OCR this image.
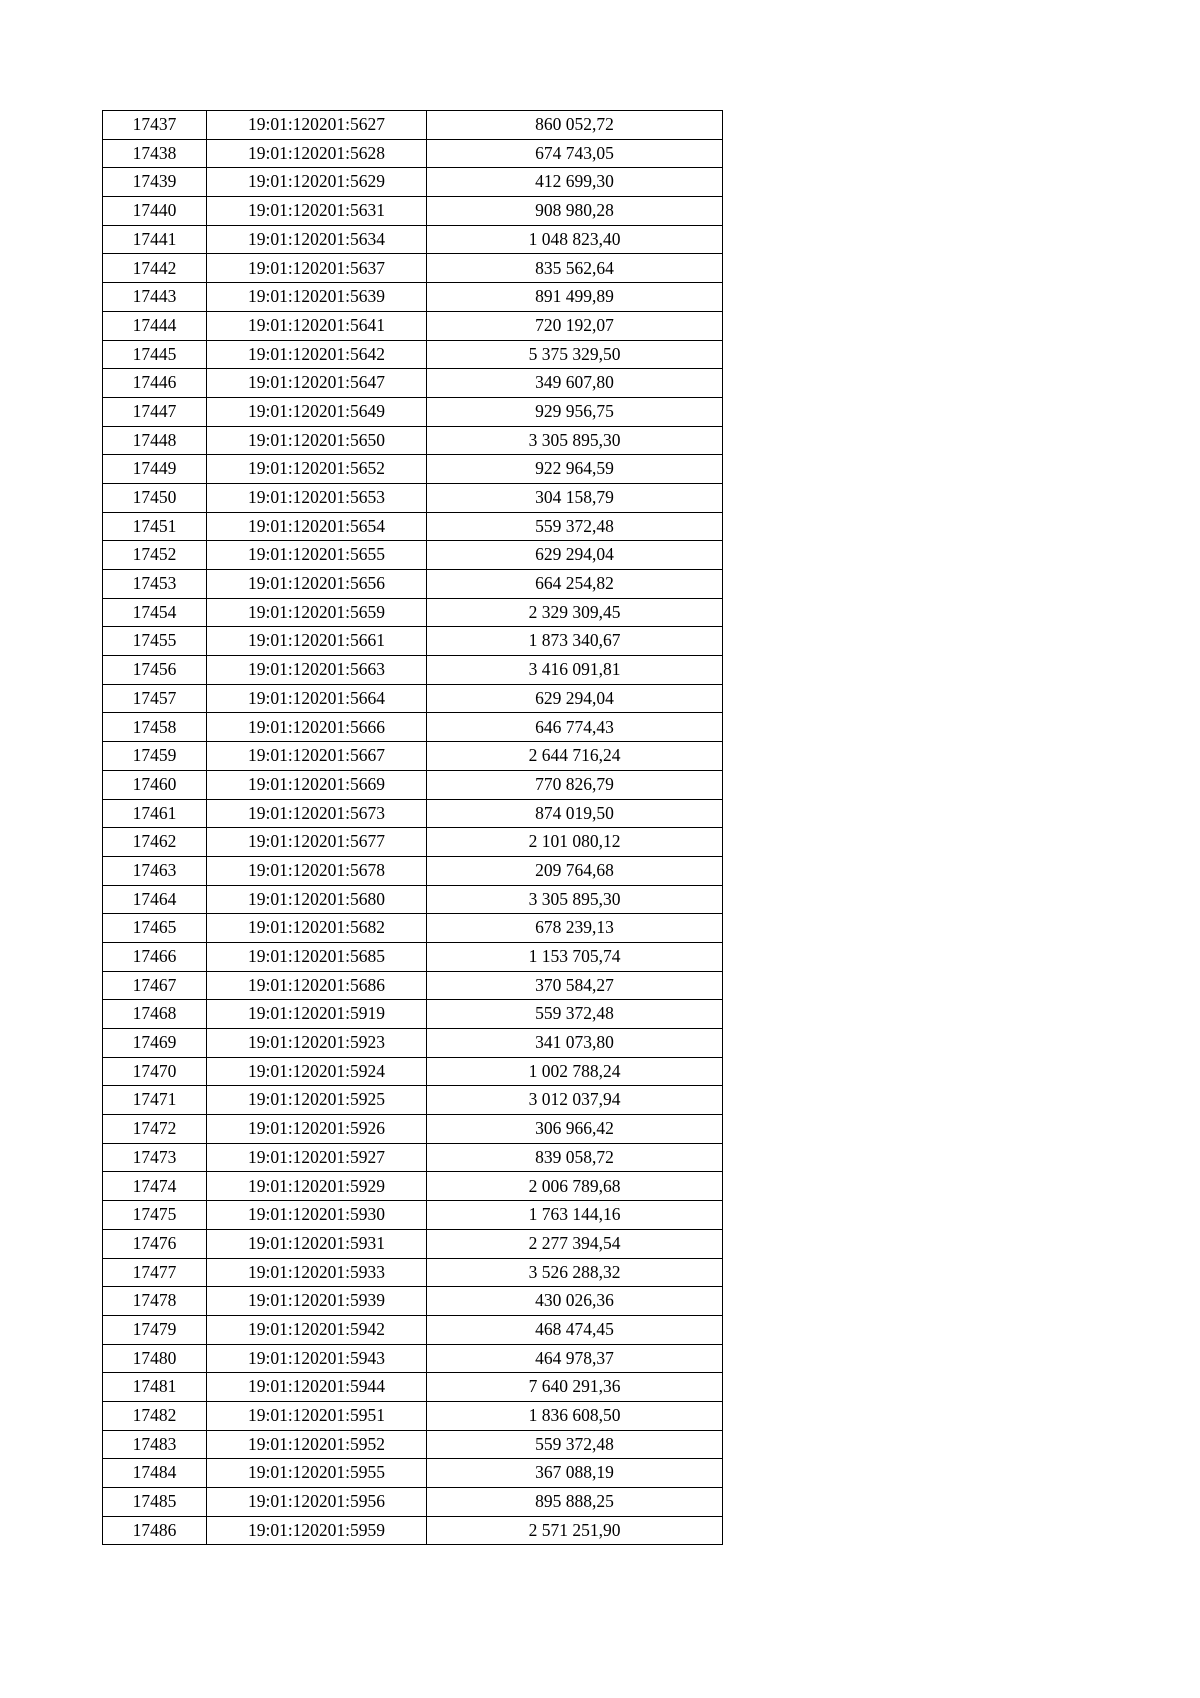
17437	19:01:120201:5627	860 052,72
17438	19:01:120201:5628	674 743,05
17439	19:01:120201:5629	412 699,30
17440	19:01:120201:5631	908 980,28
17441	19:01:120201:5634	1 048 823,40
17442	19:01:120201:5637	835 562,64
17443	19:01:120201:5639	891 499,89
17444	19:01:120201:5641	720 192,07
17445	19:01:120201:5642	5 375 329,50
17446	19:01:120201:5647	349 607,80
17447	19:01:120201:5649	929 956,75
17448	19:01:120201:5650	3 305 895,30
17449	19:01:120201:5652	922 964,59
17450	19:01:120201:5653	304 158,79
17451	19:01:120201:5654	559 372,48
17452	19:01:120201:5655	629 294,04
17453	19:01:120201:5656	664 254,82
17454	19:01:120201:5659	2 329 309,45
17455	19:01:120201:5661	1 873 340,67
17456	19:01:120201:5663	3 416 091,81
17457	19:01:120201:5664	629 294,04
17458	19:01:120201:5666	646 774,43
17459	19:01:120201:5667	2 644 716,24
17460	19:01:120201:5669	770 826,79
17461	19:01:120201:5673	874 019,50
17462	19:01:120201:5677	2 101 080,12
17463	19:01:120201:5678	209 764,68
17464	19:01:120201:5680	3 305 895,30
17465	19:01:120201:5682	678 239,13
17466	19:01:120201:5685	1 153 705,74
17467	19:01:120201:5686	370 584,27
17468	19:01:120201:5919	559 372,48
17469	19:01:120201:5923	341 073,80
17470	19:01:120201:5924	1 002 788,24
17471	19:01:120201:5925	3 012 037,94
17472	19:01:120201:5926	306 966,42
17473	19:01:120201:5927	839 058,72
17474	19:01:120201:5929	2 006 789,68
17475	19:01:120201:5930	1 763 144,16
17476	19:01:120201:5931	2 277 394,54
17477	19:01:120201:5933	3 526 288,32
17478	19:01:120201:5939	430 026,36
17479	19:01:120201:5942	468 474,45
17480	19:01:120201:5943	464 978,37
17481	19:01:120201:5944	7 640 291,36
17482	19:01:120201:5951	1 836 608,50
17483	19:01:120201:5952	559 372,48
17484	19:01:120201:5955	367 088,19
17485	19:01:120201:5956	895 888,25
17486	19:01:120201:5959	2 571 251,90
